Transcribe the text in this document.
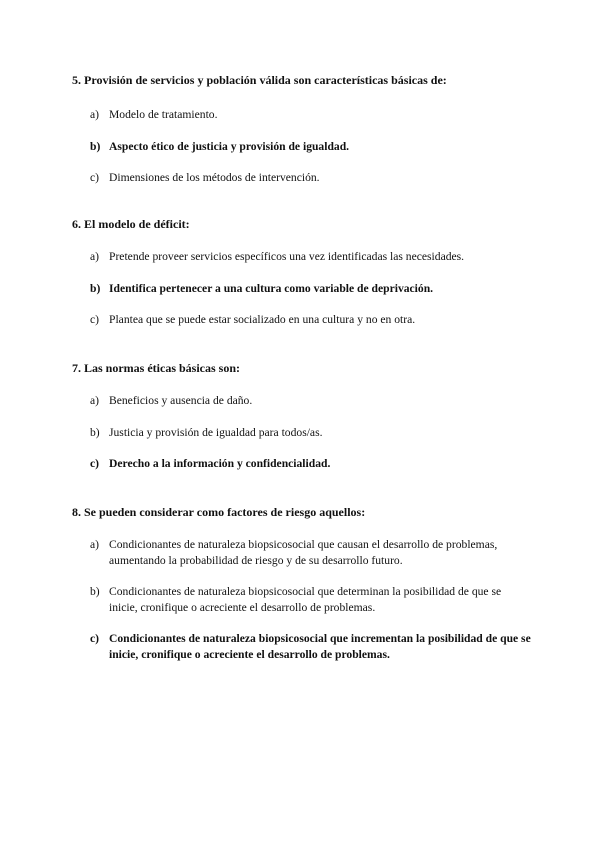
5. Provisión de servicios y población válida son características básicas de:

a) Modelo de tratamiento.
b) Aspecto ético de justicia y provisión de igualdad.
c) Dimensiones de los métodos de intervención.

6. El modelo de déficit:

a) Pretende proveer servicios específicos una vez identificadas las necesidades.
b) Identifica pertenecer a una cultura como variable de deprivación.
c) Plantea que se puede estar socializado en una cultura y no en otra.

7. Las normas éticas básicas son:

a) Beneficios y ausencia de daño.
b) Justicia y provisión de igualdad para todos/as.
c) Derecho a la información y confidencialidad.

8. Se pueden considerar como factores de riesgo aquellos:

a) Condicionantes de naturaleza biopsicosocial que causan el desarrollo de problemas, aumentando la probabilidad de riesgo y de su desarrollo futuro.
b) Condicionantes de naturaleza biopsicosocial que determinan la posibilidad de que se inicie, cronifique o acreciente el desarrollo de problemas.
c) Condicionantes de naturaleza biopsicosocial que incrementan la posibilidad de que se inicie, cronifique o acreciente el desarrollo de problemas.
